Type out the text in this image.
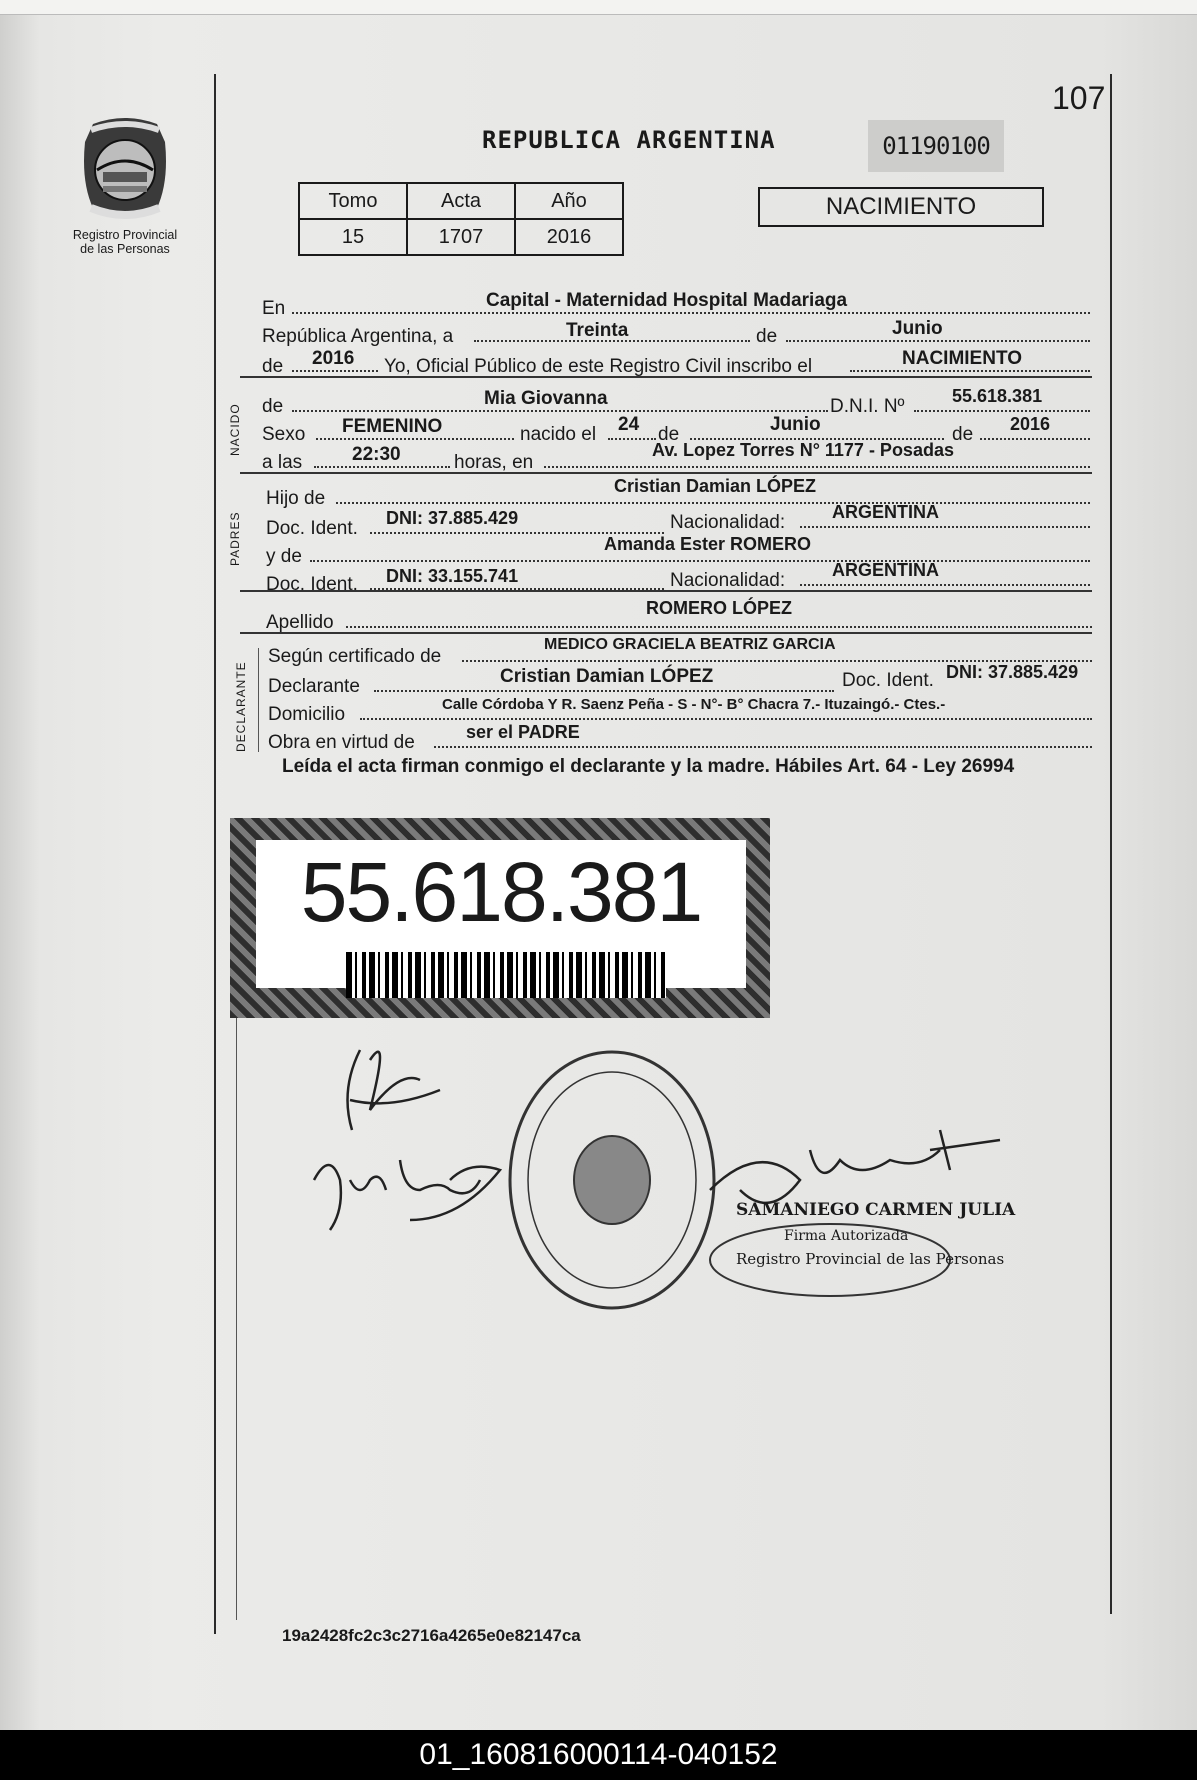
107
Registro Provincial
de las Personas
REPUBLICA ARGENTINA	01190100
Tomo	Acta	Año
15	1707	2016
NACIMIENTO
En	Capital - Maternidad Hospital Madariaga
República Argentina, a	Treinta	de	Junio
de 2016 Yo, Oficial Público de este Registro Civil inscribo el	NACIMIENTO
NACIDO de	Mia Giovanna	D.N.I. Nº	55.618.381
Sexo FEMENINO	nacido el 24 de	Junio	de 2016
a las	22:30	horas, en
Av. Lopez Torres N° 1177 - Posadas
PADRES
Hijo de
Cristian Damian LÓPEZ
Doc. Ident. DNI: 37.885.429	Nacionalidad:	ARGENTINA
y de
Amanda Ester ROMERO
Doc. Ident. DNI: 33.155.741	Nacionalidad:	ARGENTINA
Apellido
ROMERO LÓPEZ
DECLARANTE
Según certificado de
MEDICO GRACIELA BEATRIZ GARCIA
Declarante	Cristian Damian LÓPEZ	Doc. Ident. DNI: 37.885.429
Domicilio	Calle Córdoba Y R. Saenz Peña - S - N°- B° Chacra 7.- Ituzaingó.- Ctes.-
Obra en virtud de	ser el PADRE
Leída el acta firman conmigo el declarante y la madre. Hábiles Art. 64 - Ley 26994
55.618.381
SAMANIEGO CARMEN JULIA
Firma Autorizada
Registro Provincial de las Personas
19a2428fc2c3c2716a4265e0e82147ca
01_160816000114-040152
